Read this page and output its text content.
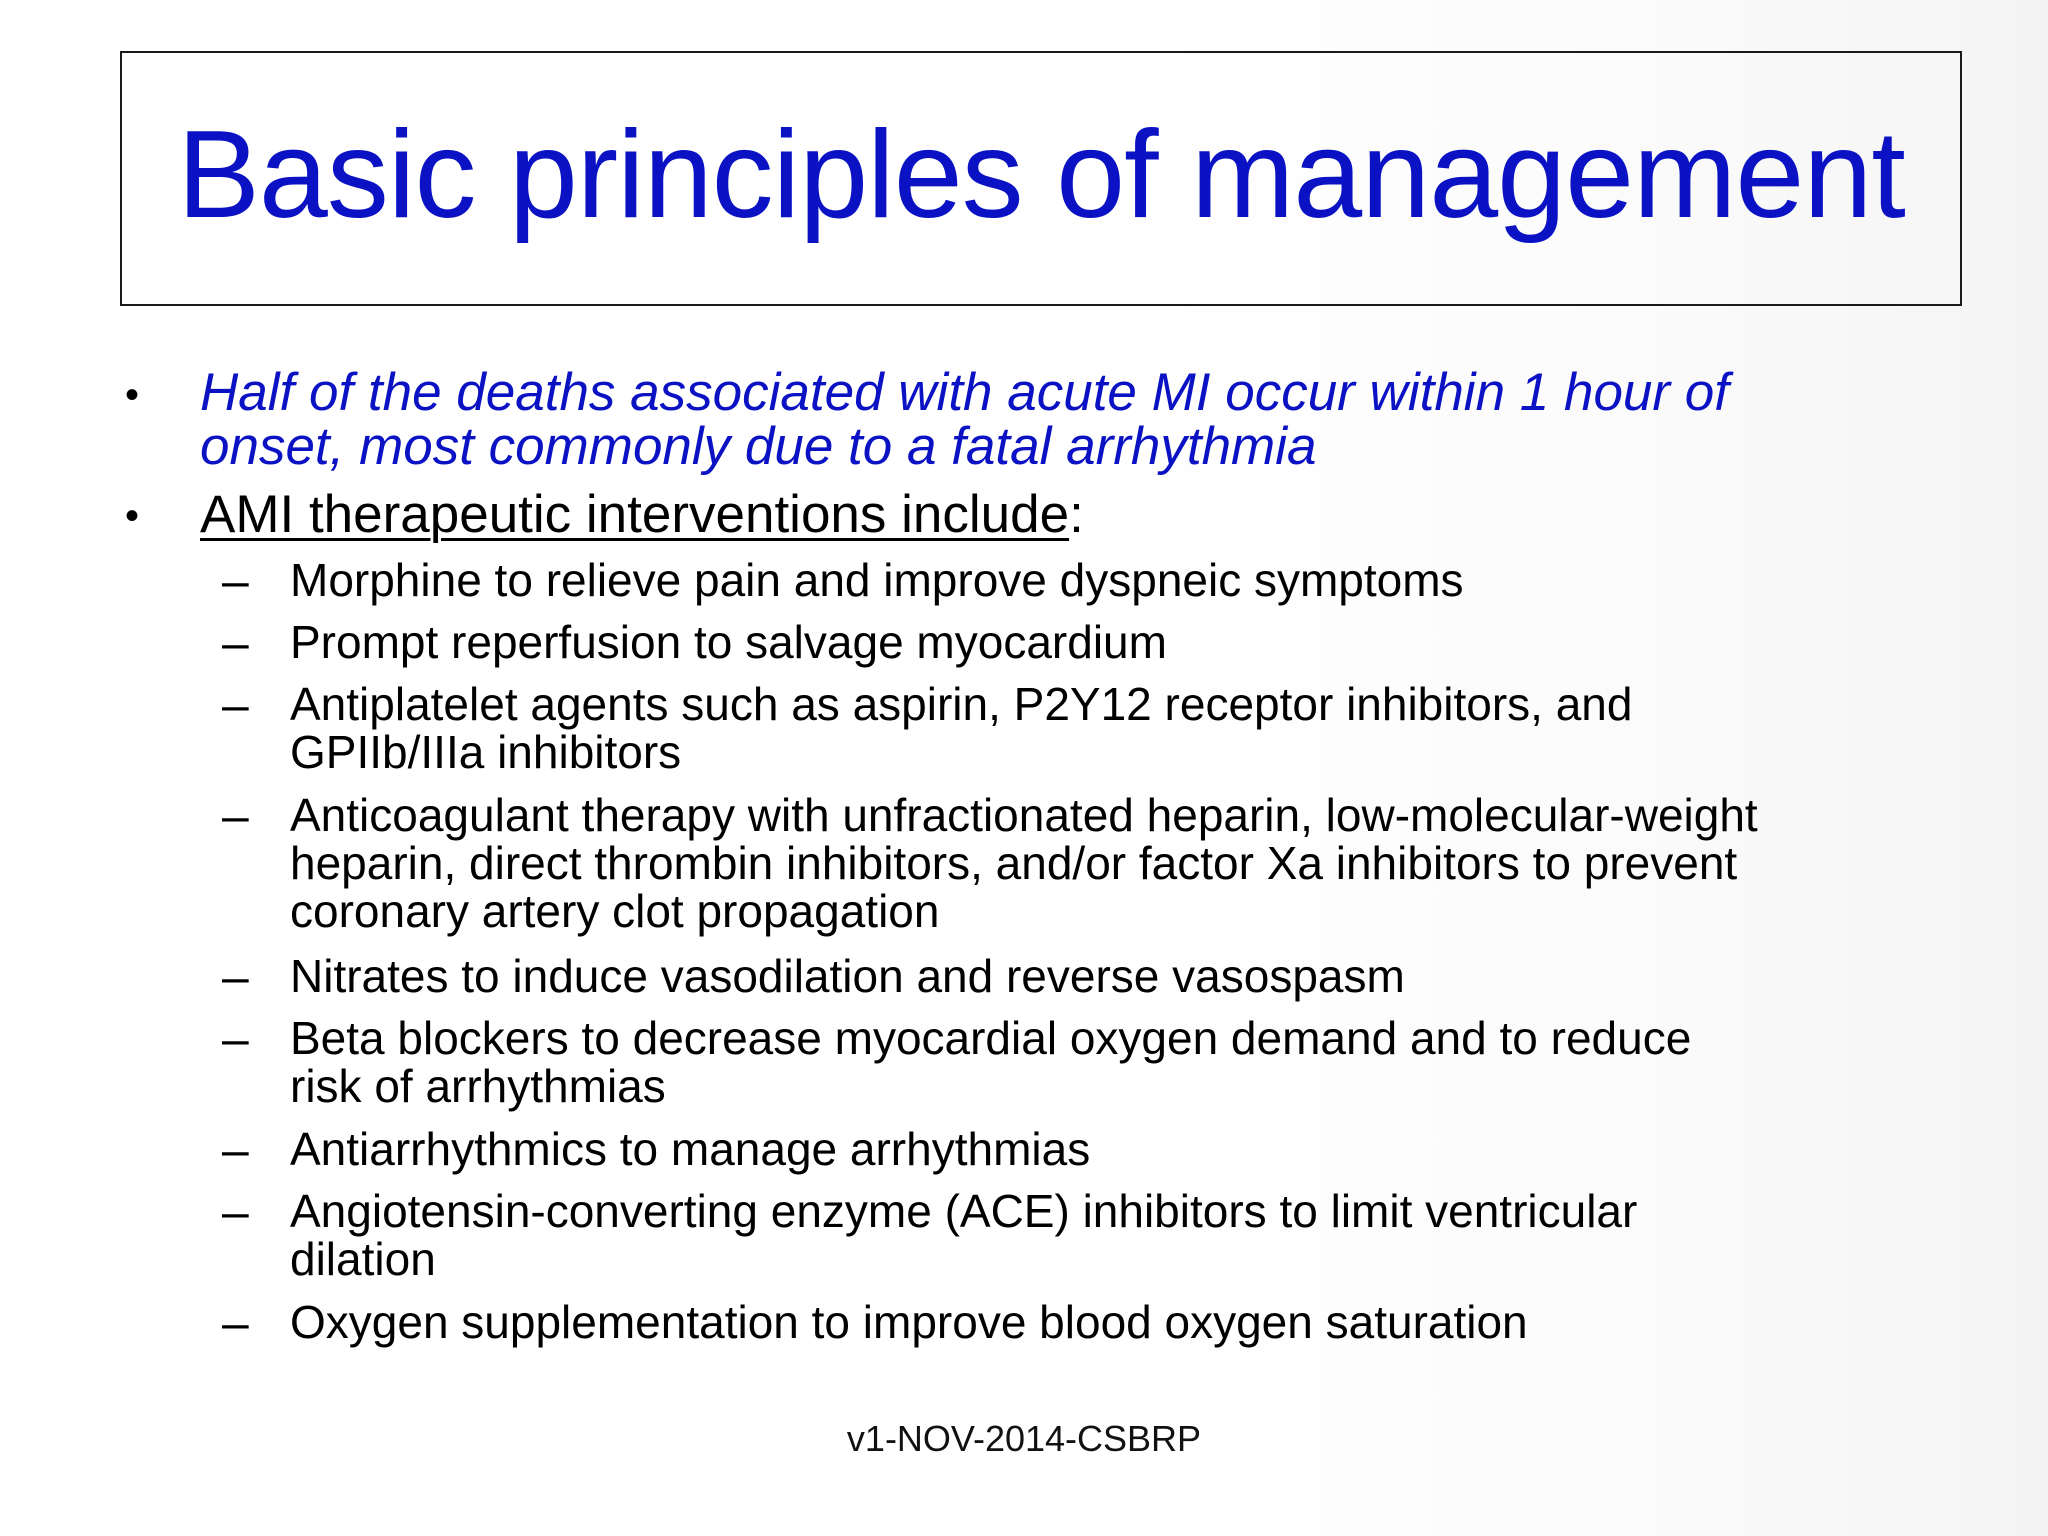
Basic principles of management
• Half of the deaths associated with acute MI occur within 1 hour of
onset, most commonly due to a fatal arrhythmia
• AMI therapeutic interventions include:
– Morphine to relieve pain and improve dyspneic symptoms
– Prompt reperfusion to salvage myocardium
– Antiplatelet agents such as aspirin, P2Y12 receptor inhibitors, and
GPIIb/IIIa inhibitors
– Anticoagulant therapy with unfractionated heparin, low-molecular-weight
heparin, direct thrombin inhibitors, and/or factor Xa inhibitors to prevent
coronary artery clot propagation
– Nitrates to induce vasodilation and reverse vasospasm
– Beta blockers to decrease myocardial oxygen demand and to reduce
risk of arrhythmias
– Antiarrhythmics to manage arrhythmias
– Angiotensin-converting enzyme (ACE) inhibitors to limit ventricular
dilation
– Oxygen supplementation to improve blood oxygen saturation
v1-NOV-2014-CSBRP
